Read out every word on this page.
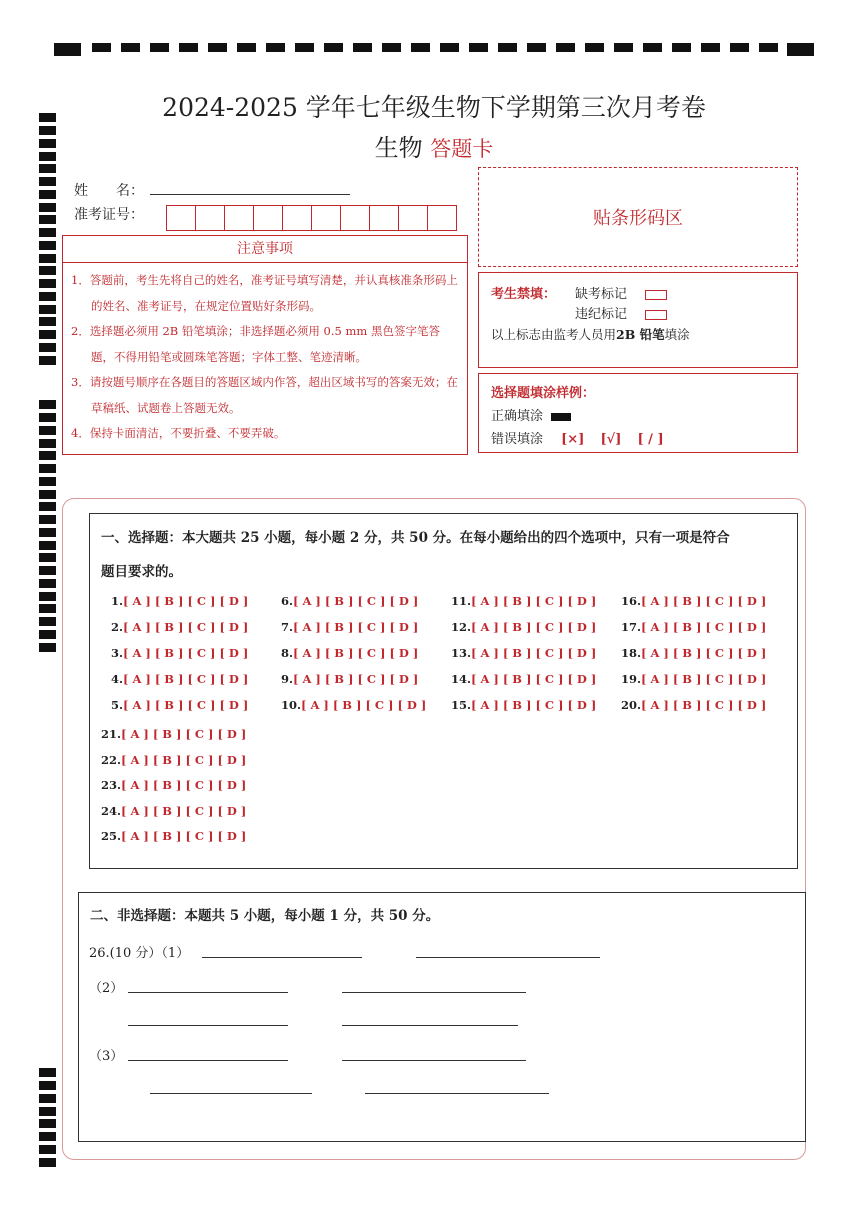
2024-2025 学年七年级生物下学期第三次月考卷
生物 答题卡
姓　　名：
准考证号：	贴条形码区
注意事项
1．答题前，考生先将自己的姓名，准考证号填写清楚，并认真核准条形码上的姓名、准考证号，在规定位置贴好条形码。
2．选择题必须用 2B 铅笔填涂；非选择题必须用 0.5 mm 黑色签字笔答题，不得用铅笔或圆珠笔答题；字体工整、笔迹清晰。
3．请按题号顺序在各题目的答题区域内作答，超出区域书写的答案无效；在草稿纸、试题卷上答题无效。
4．保持卡面清洁，不要折叠、不要弄破。
考生禁填： 缺考标记
违纪标记
以上标志由监考人员用2B 铅笔填涂
选择题填涂样例：
正确填涂
错误填涂 [×] [√] [ / ]
一、选择题：本大题共 25 小题，每小题 2 分，共 50 分。在每小题给出的四个选项中，只有一项是符合
题目要求的。
1.[ A ] [ B ] [ C ] [ D ]
2.[ A ] [ B ] [ C ] [ D ]
3.[ A ] [ B ] [ C ] [ D ]
4.[ A ] [ B ] [ C ] [ D ]
5.[ A ] [ B ] [ C ] [ D ]
6.[ A ] [ B ] [ C ] [ D ]
7.[ A ] [ B ] [ C ] [ D ]
8.[ A ] [ B ] [ C ] [ D ]
9.[ A ] [ B ] [ C ] [ D ]
10.[ A ] [ B ] [ C ] [ D ]
11.[ A ] [ B ] [ C ] [ D ]
12.[ A ] [ B ] [ C ] [ D ]
13.[ A ] [ B ] [ C ] [ D ]
14.[ A ] [ B ] [ C ] [ D ]
15.[ A ] [ B ] [ C ] [ D ]
16.[ A ] [ B ] [ C ] [ D ]
17.[ A ] [ B ] [ C ] [ D ]
18.[ A ] [ B ] [ C ] [ D ]
19.[ A ] [ B ] [ C ] [ D ]
20.[ A ] [ B ] [ C ] [ D ]
21.[ A ] [ B ] [ C ] [ D ]
22.[ A ] [ B ] [ C ] [ D ]
23.[ A ] [ B ] [ C ] [ D ]
24.[ A ] [ B ] [ C ] [ D ]
25.[ A ] [ B ] [ C ] [ D ]
二、非选择题：本题共 5 小题，每小题 1 分，共 50 分。
26.(10 分）（1）
（2）
（3）
